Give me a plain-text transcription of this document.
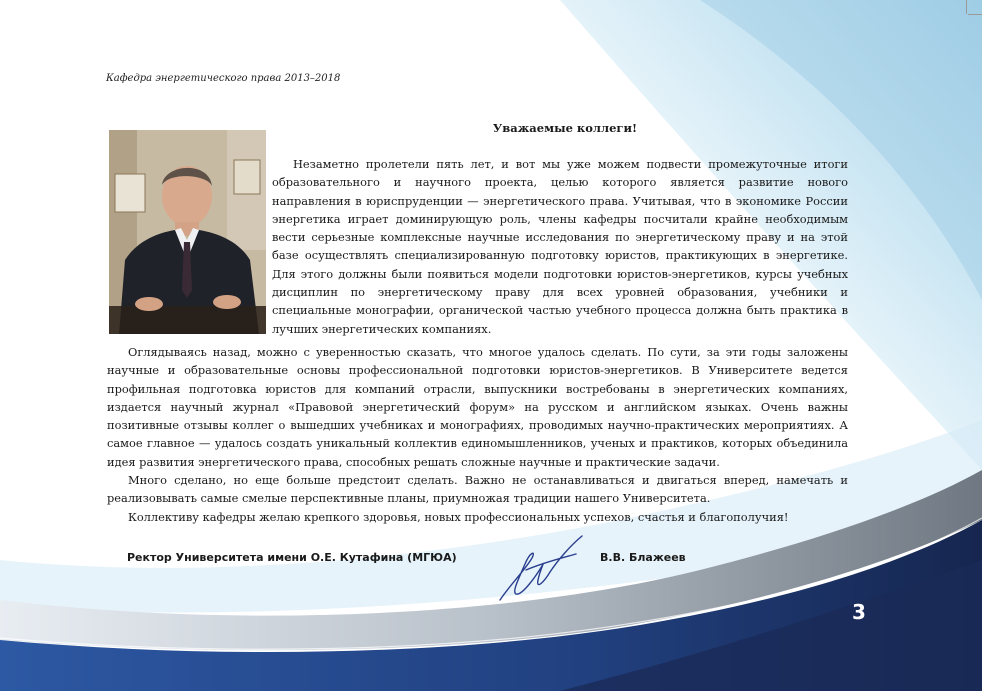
Кафедра энергетического права 2013–2018
Уважаемые коллеги!

Незаметно пролетели пять лет, и вот мы уже можем подвести промежуточные итоги образовательного и научного проекта, целью которого является развитие нового направления в юриспруденции — энергетического права. Учитывая, что в экономике России энергетика играет доминирующую роль, члены кафедры посчитали крайне необходимым вести серьезные комплексные научные исследования по энергетическому праву и на этой базе осуществлять специализированную подготовку юристов, практикующих в энергетике. Для этого должны были появиться модели подготовки юристов-энергетиков, курсы учебных дисциплин по энергетическому праву для всех уровней образования, учебники и специальные монографии, органической частью учебного процесса должна быть практика в лучших энергетических компаниях.

Оглядываясь назад, можно с уверенностью сказать, что многое удалось сделать. По сути, за эти годы заложены научные и образовательные основы профессиональной подготовки юристов-энергетиков. В Университете ведется профильная подготовка юристов для компаний отрасли, выпускники востребованы в энергетических компаниях, издается научный журнал «Правовой энергетический форум» на русском и английском языках. Очень важны позитивные отзывы коллег о вышедших учебниках и монографиях, проводимых научно-практических мероприятиях. А самое главное — удалось создать уникальный коллектив единомышленников, ученых и практиков, которых объединила идея развития энергетического права, способных решать сложные научные и практические задачи.

Много сделано, но еще больше предстоит сделать. Важно не останавливаться и двигаться вперед, намечать и реализовывать самые смелые перспективные планы, приумножая традиции нашего Университета.

Коллективу кафедры желаю крепкого здоровья, новых профессиональных успехов, счастья и благополучия!

Ректор Университета имени О.Е. Кутафина (МГЮА)	В.В. Блажеев
3
